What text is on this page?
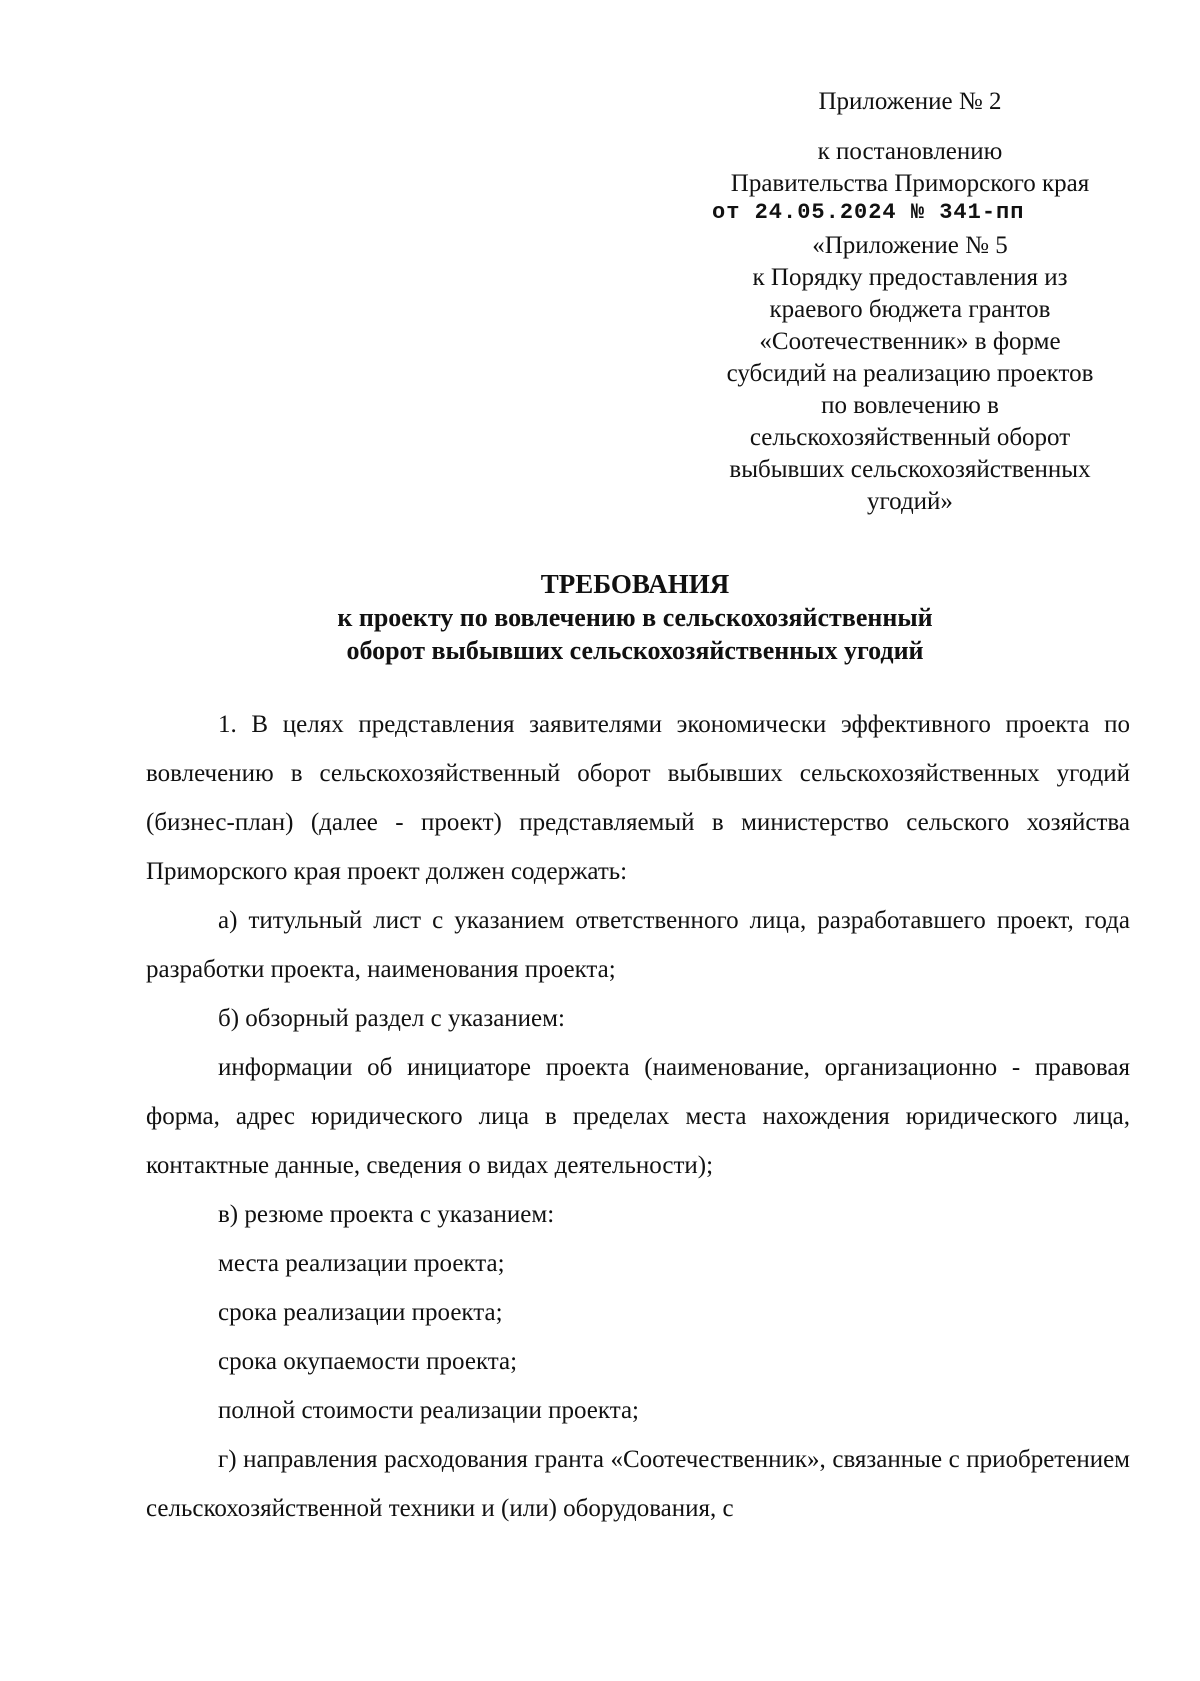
Приложение № 2
к постановлению
Правительства Приморского края
от 24.05.2024 № 341-пп
«Приложение № 5
к Порядку предоставления из
краевого бюджета грантов
«Соотечественник» в форме
субсидий на реализацию проектов
по вовлечению в
сельскохозяйственный оборот
выбывших сельскохозяйственных
угодий»
ТРЕБОВАНИЯ
к проекту по вовлечению в сельскохозяйственный
оборот выбывших сельскохозяйственных угодий

1. В целях представления заявителями экономически эффективного проекта по вовлечению в сельскохозяйственный оборот выбывших сельскохозяйственных угодий (бизнес-план) (далее - проект) представляемый в министерство сельского хозяйства Приморского края проект должен содержать:

а) титульный лист с указанием ответственного лица, разработавшего проект, года разработки проекта, наименования проекта;

б) обзорный раздел с указанием:

информации об инициаторе проекта (наименование, организационно - правовая форма, адрес юридического лица в пределах места нахождения юридического лица, контактные данные, сведения о видах деятельности);

в) резюме проекта с указанием:

места реализации проекта;

срока реализации проекта;

срока окупаемости проекта;

полной стоимости реализации проекта;

г) направления расходования гранта «Соотечественник», связанные с приобретением сельскохозяйственной техники и (или) оборудования, с
